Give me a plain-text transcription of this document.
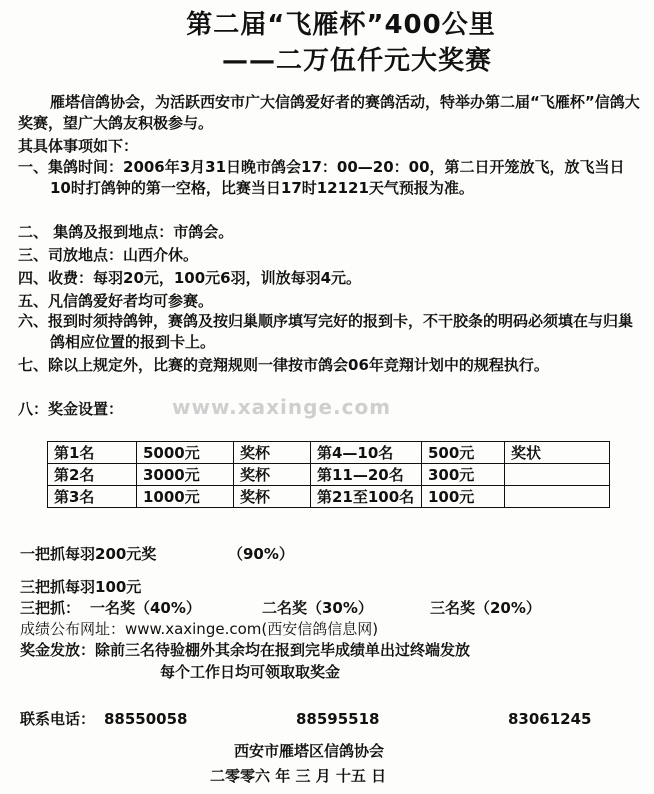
第二届“飞雁杯”400公里
——二万伍仟元大奖赛
雁塔信鸽协会，为活跃西安市广大信鸽爱好者的赛鸽活动，特举办第二届“飞雁杯”信鸽大奖赛，望广大鸽友积极参与。
其具体事项如下：
一、集鸽时间：2006年3月31日晚市鸽会17：00—20：00，第二日开笼放飞，放飞当日10时打鸽钟的第一空格，比赛当日17时12121天气预报为准。
二、 集鸽及报到地点：市鸽会。
三、司放地点：山西介休。
四、收费：每羽20元，100元6羽，训放每羽4元。
五、凡信鸽爱好者均可参赛。
六、报到时须持鸽钟，赛鸽及按归巢顺序填写完好的报到卡，不干胶条的明码必须填在与归巢鸽相应位置的报到卡上。
七、除以上规定外，比赛的竞翔规则一律按市鸽会06年竞翔计划中的规程执行。
八：奖金设置： www.xaxinge.com
第1名	5000元	奖杯	第4—10名	500元	奖状
第2名	3000元	奖杯	第11—20名	300元	
第3名	1000元	奖杯	第21至100名	100元	
一把抓每羽200元奖	（90%）
三把抓每羽100元
三把抓： 一名奖（40%）	二名奖（30%）	三名奖（20%）
成绩公布网址：www.xaxinge.com(西安信鸽信息网)
奖金发放：除前三名待验棚外其余均在报到完毕成绩单出过终端发放
每个工作日均可领取取奖金
联系电话： 88550058	88595518	83061245
西安市雁塔区信鸽协会
二零零六 年 三 月 十五 日
